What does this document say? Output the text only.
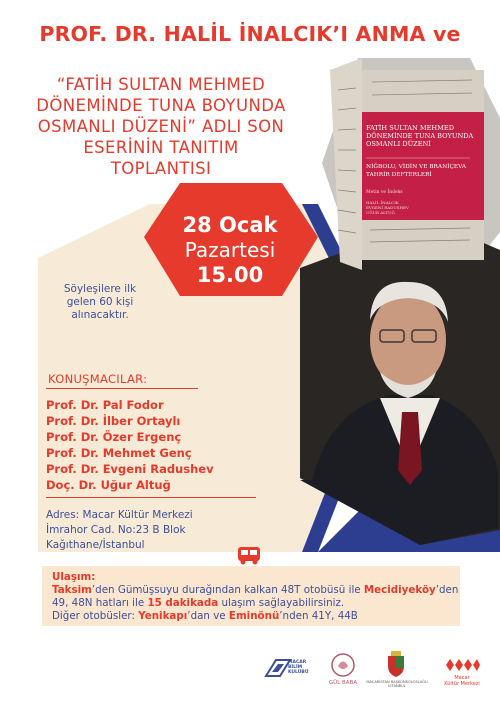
FATİH SULTAN MEHMED
DÖNEMİNDE TUNA BOYUNDA
OSMANLI DÜZENİ
NİĞBOLU, VİDİN VE BRANİÇEVA
TAHRİR DEFTERLERİ
Metin ve İndeks
HALİL İNALCIK
EVGENİ RADUSHEV
UĞUR ALTUĞ
PROF. DR. HALİL İNALCIK’I ANMA ve
“FATİH SULTAN MEHMED
DÖNEMİNDE TUNA BOYUNDA
OSMANLI DÜZENİ” ADLI SON
ESERİNİN TANITIM
TOPLANTISI
28 Ocak
Pazartesi
15.00
Söyleşilere ilk
gelen 60 kişi
alınacaktır.
KONUŞMACILAR:
Prof. Dr. Pal Fodor
Prof. Dr. İlber Ortaylı
Prof. Dr. Özer Ergenç
Prof. Dr. Mehmet Genç
Prof. Dr. Evgeni Radushev
Doç. Dr. Uğur Altuğ
Adres: Macar Kültür Merkezi
İmrahor Cad. No:23 B Blok
Kağıthane/İstanbul
Ulaşım:
Taksim’den Gümüşsuyu durağından kalkan 48T otobüsü ile Mecidiyeköy’den
49, 48N hatları ile 15 dakikada ulaşım sağlayabilirsiniz.
Diğer otobüsler: Yenikapı’dan ve Eminönü’nden 41Y, 44B
MACAR
BİLİM
KULÜBÜ
GÜL BABA	MACARİSTAN BAŞKONSOLOSLUĞU
İSTANBUL
Macar
Kültür Merkezi
